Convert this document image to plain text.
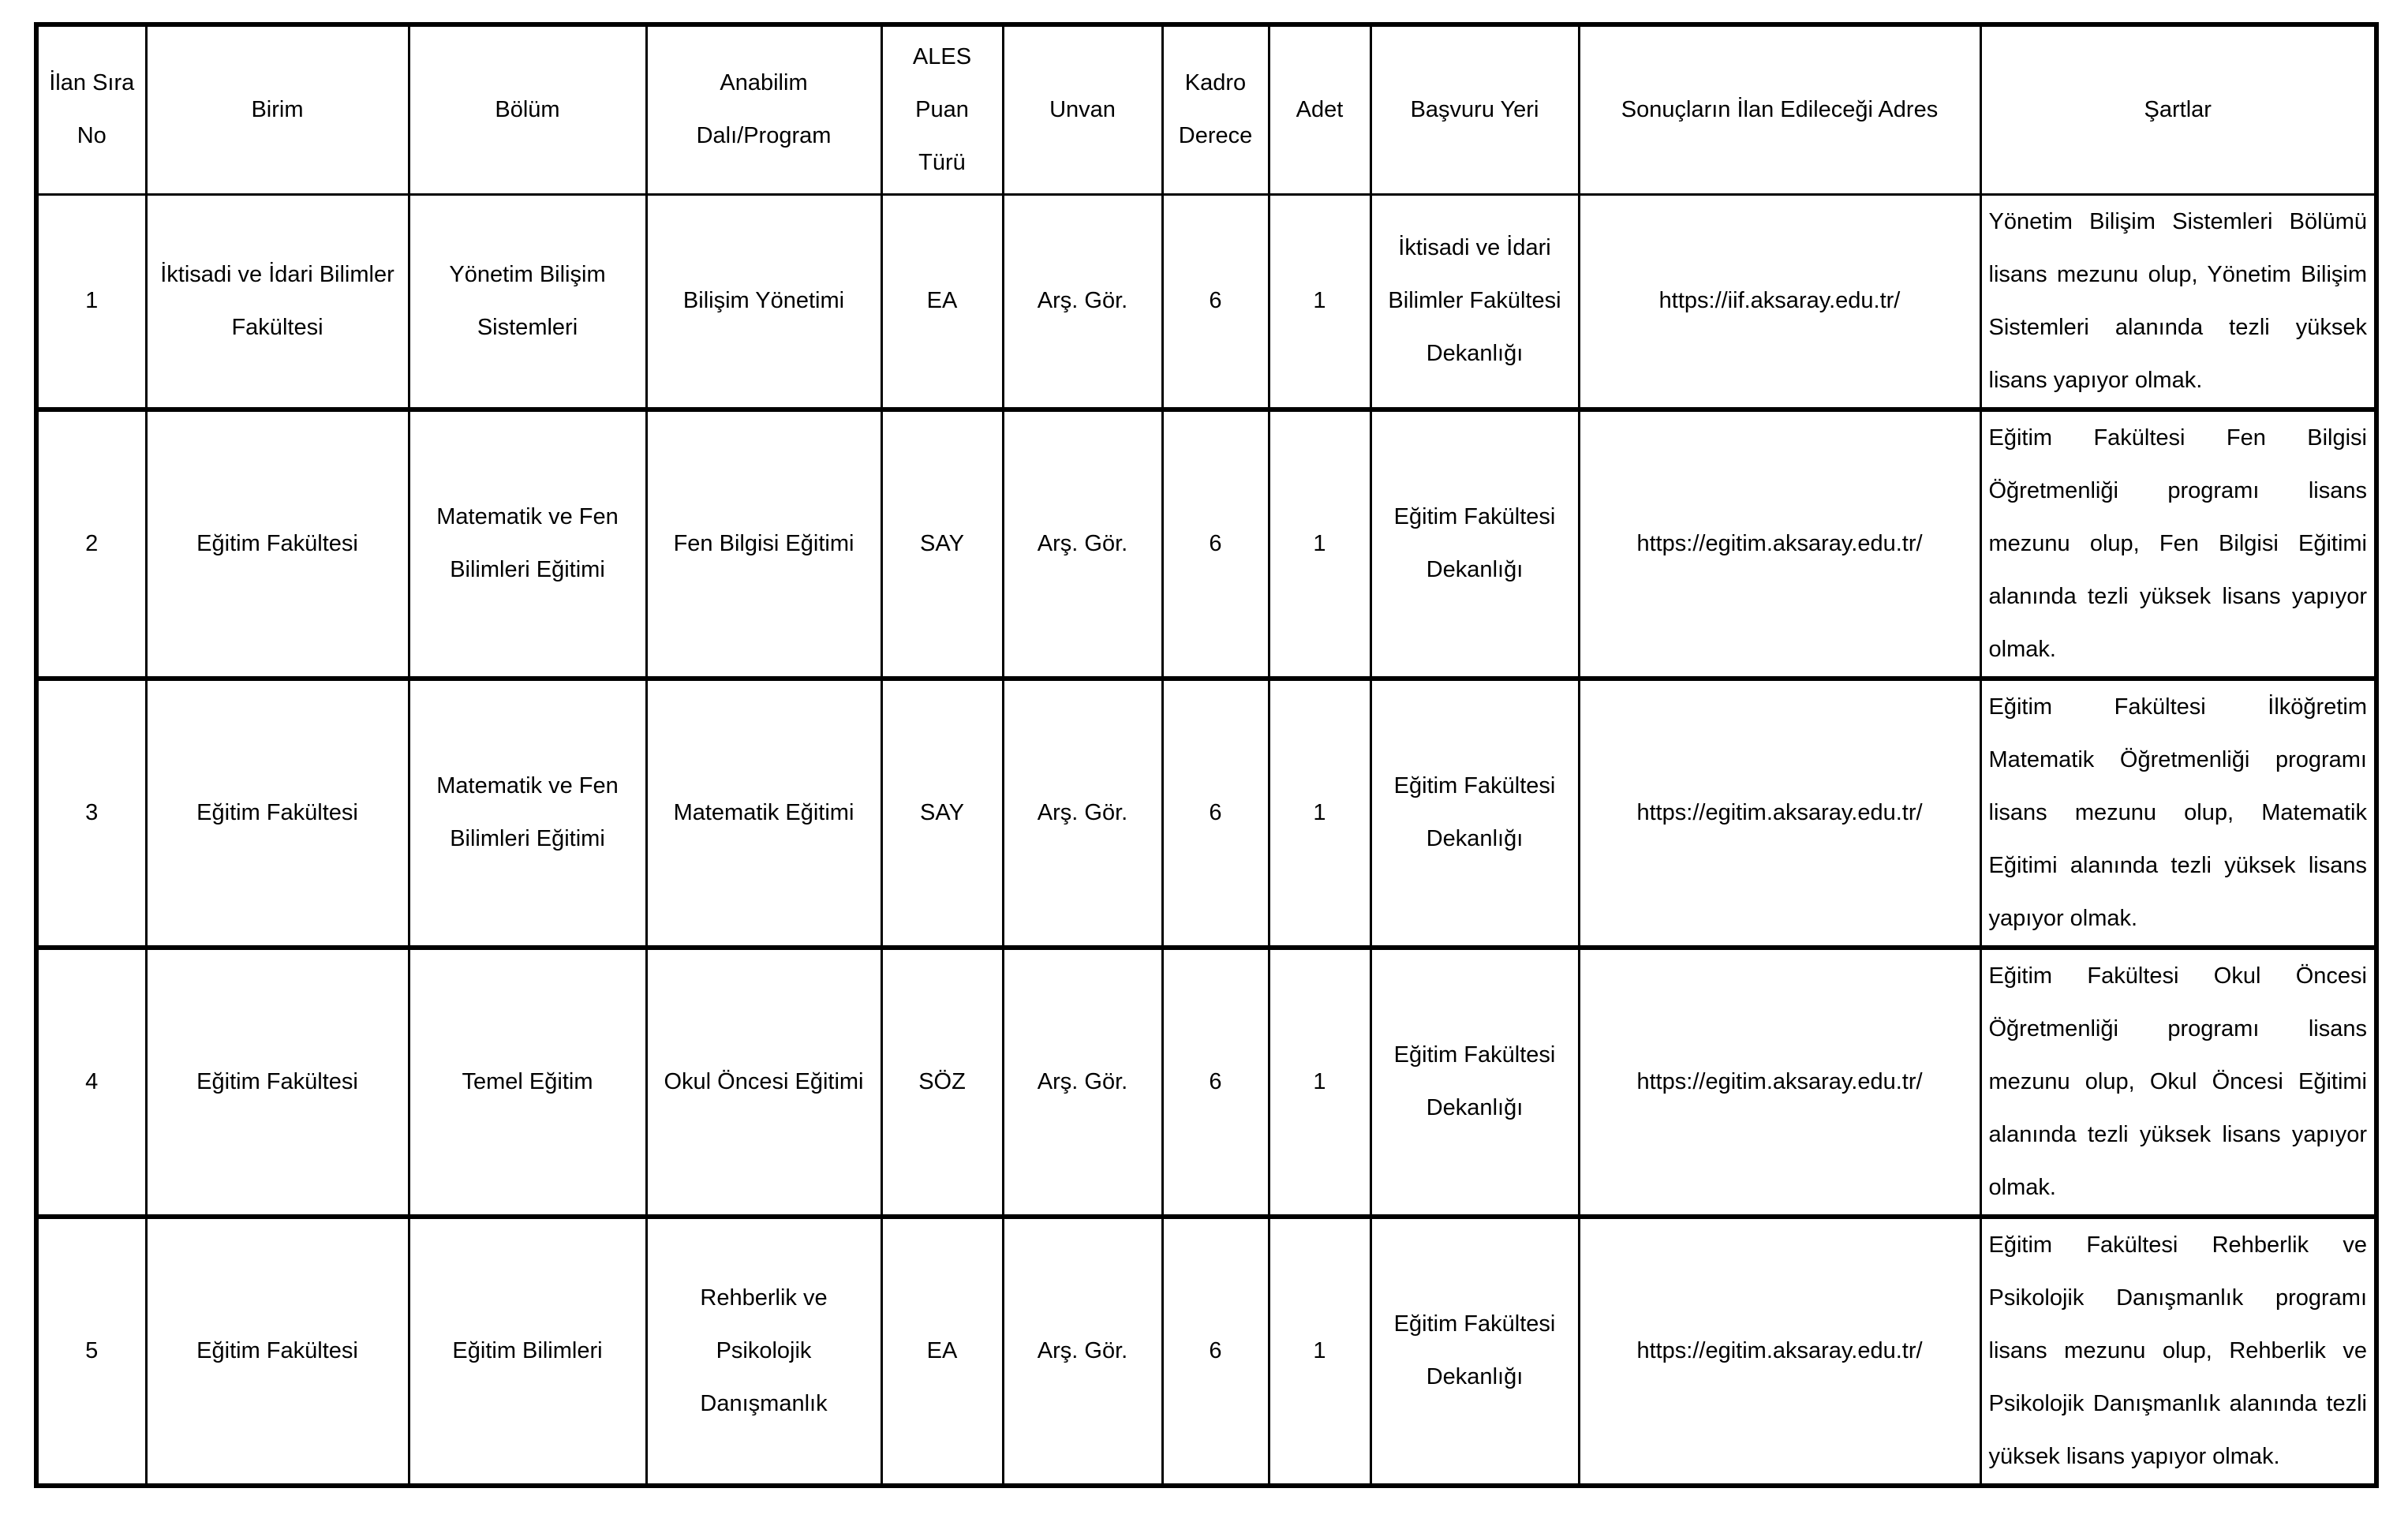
İlan Sıra No	Birim	Bölüm	Anabilim Dalı/Program	ALES Puan Türü	Unvan	Kadro Derece	Adet	Başvuru Yeri	Sonuçların İlan Edileceği Adres	Şartlar
1	İktisadi ve İdari Bilimler Fakültesi	Yönetim Bilişim Sistemleri	Bilişim Yönetimi	EA	Arş. Gör.	6	1	İktisadi ve İdari Bilimler Fakültesi Dekanlığı	https://iif.aksaray.edu.tr/	Yönetim Bilişim Sistemleri Bölümü lisans mezunu olup, Yönetim Bilişim Sistemleri alanında tezli yüksek lisans yapıyor olmak.
2	Eğitim Fakültesi	Matematik ve Fen Bilimleri Eğitimi	Fen Bilgisi Eğitimi	SAY	Arş. Gör.	6	1	Eğitim Fakültesi Dekanlığı	https://egitim.aksaray.edu.tr/	Eğitim Fakültesi Fen Bilgisi Öğretmenliği programı lisans mezunu olup, Fen Bilgisi Eğitimi alanında tezli yüksek lisans yapıyor olmak.
3	Eğitim Fakültesi	Matematik ve Fen Bilimleri Eğitimi	Matematik Eğitimi	SAY	Arş. Gör.	6	1	Eğitim Fakültesi Dekanlığı	https://egitim.aksaray.edu.tr/	Eğitim Fakültesi İlköğretim Matematik Öğretmenliği programı lisans mezunu olup, Matematik Eğitimi alanında tezli yüksek lisans yapıyor olmak.
4	Eğitim Fakültesi	Temel Eğitim	Okul Öncesi Eğitimi	SÖZ	Arş. Gör.	6	1	Eğitim Fakültesi Dekanlığı	https://egitim.aksaray.edu.tr/	Eğitim Fakültesi Okul Öncesi Öğretmenliği programı lisans mezunu olup, Okul Öncesi Eğitimi alanında tezli yüksek lisans yapıyor olmak.
5	Eğitim Fakültesi	Eğitim Bilimleri	Rehberlik ve Psikolojik Danışmanlık	EA	Arş. Gör.	6	1	Eğitim Fakültesi Dekanlığı	https://egitim.aksaray.edu.tr/	Eğitim Fakültesi Rehberlik ve Psikolojik Danışmanlık programı lisans mezunu olup, Rehberlik ve Psikolojik Danışmanlık alanında tezli yüksek lisans yapıyor olmak.
